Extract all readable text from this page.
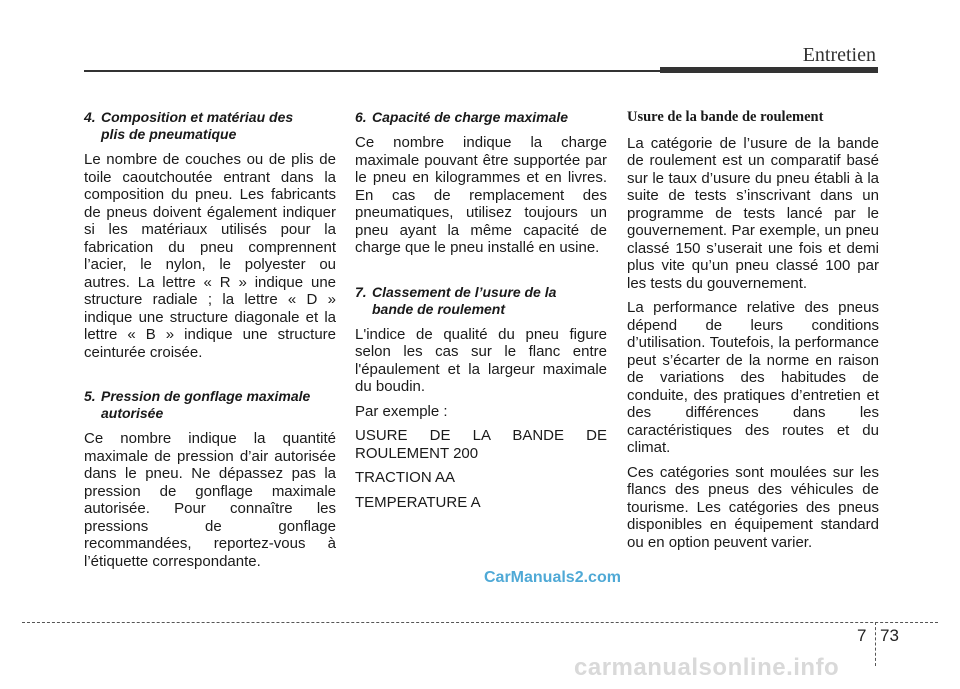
Entretien
4. Composition et matériau des
plis de pneumatique

Le nombre de couches ou de plis de toile caoutchoutée entrant dans la composition du pneu. Les fabricants de pneus doivent également indiquer si les matériaux utilisés pour la fabrication du pneu comprennent l’acier, le nylon, le polyester ou autres. La lettre « R » indique une structure radiale ; la lettre « D » indique une structure diagonale et la lettre « B » indique une structure ceinturée croisée.

5. Pression de gonflage maximale
autorisée

Ce nombre indique la quantité maximale de pression d’air autorisée dans le pneu. Ne dépassez pas la pression de gonflage maximale autorisée. Pour connaître les pressions de gonflage recommandées, reportez-vous à l’étiquette correspondante.

6. Capacité de charge maximale

Ce nombre indique la charge maximale pouvant être supportée par le pneu en kilogrammes et en livres. En cas de remplacement des pneumatiques, utilisez toujours un pneu ayant la même capacité de charge que le pneu installé en usine.

7. Classement de l’usure de la
bande de roulement

L'indice de qualité du pneu figure selon les cas sur le flanc entre l'épaulement et la largeur maximale du boudin.

Par exemple :

USURE DE LA BANDE DE ROULEMENT 200

TRACTION AA

TEMPERATURE A

Usure de la bande de roulement

La catégorie de l’usure de la bande de roulement est un comparatif basé sur le taux d’usure du pneu établi à la suite de tests s’inscrivant dans un programme de tests lancé par le gouvernement. Par exemple, un pneu classé 150 s’userait une fois et demi plus vite qu’un pneu classé 100 par les tests du gouvernement.

La performance relative des pneus dépend de leurs conditions d’utilisation. Toutefois, la performance peut s’écarter de la norme en raison de variations des habitudes de conduite, des pratiques d’entretien et des différences dans les caractéristiques des routes et du climat.

Ces catégories sont moulées sur les flancs des pneus des véhicules de tourisme. Les catégories des pneus disponibles en équipement standard ou en option peuvent varier.

CarManuals2.com
7 73
carmanualsonline.info
